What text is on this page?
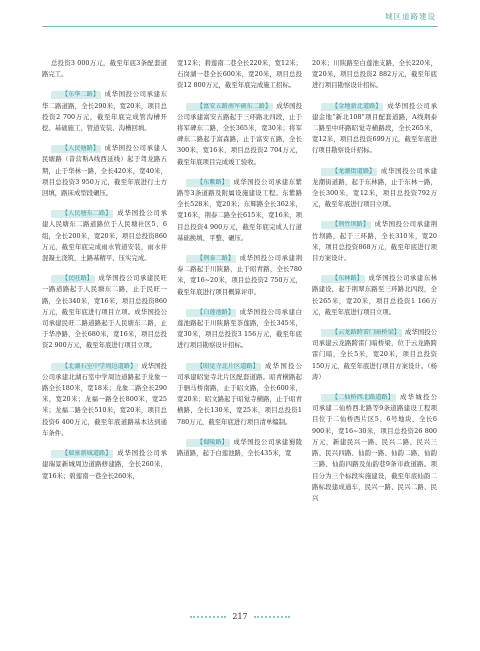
城区道路建设

总投资3 000万元，截至年底3条配套道路完工。

【东华二路】 成华国投公司承建东华二路道路，全长290米，宽20米，项目总投资2 700万元，截至年底完成管沟槽开挖、基础施工、管道安装、沟槽回填。

【人民塘路】 成华国投公司承建人民塘路（昔营斯A线西延线）起于驾龙路五期，止于华林一路，全长420米，宽40米，项目总投资3 950万元，截至年底进行土方回填，路床成型段碾压。

【人民塘东二路】 成华国投公司承建人民塘东二路道路位于人民塘社区5、6组，全长200米，宽20米，项目总投资860万元，截至年底完成雨水管道安装，雨水井混凝土浇筑，土路基精平、压实完成。

【民旺路】 成华国投公司承建民旺一路道路起于人民塘东二路，止于民旺一路，全长340米，宽16米，项目总投资860万元，截至年底进行项目立项。成华国投公司承建民旺二路道路起于人民塘东二路，止于华净路，全长680米，宽16米，项目总投资2 900万元，截至年底进行项目立项。

【北湖石室中学周边道路】 成华国投公司承建北湖石室中学周边道路起于龙象一路全长180米，宽18米；龙象二路全长290米，宽20米；龙福一路全长800米，宽25米；龙福二路全长510米，宽20米，项目总投资6 400万元，截至年底道路基本达到通车条件。

【瑞景新城道路】 成华国投公司承建瑞景新城周边道路修建路，全长260米，宽16米；碧莲南一巷全长260米，

宽12米；碧莲南二巷全长220米，宽12米；石岗湖一巷全长600米，宽20米，项目总投资12 800万元，截至年底完成施工招标。

【富安五路南军硕东二路】 成华国投公司承建富安五路起于三环路北四段，止于将军碑东二路，全长365米，宽30米；将军碑东二路起于富森路，止于富安五路，全长300米，宽16米，项目总投资2 704万元，截至年底项目完成竣工验收。

【东紫路】 成华国投公司承建东紫路等3条道路及附属设施建设工程。东紫路全长528米，宽20米；东辉路全长362米，宽16米，荆泰二路全长615米，宽16米，项目总投资4 900万元，截至年底完成人行道基础换填、平整、碾压。

【荆泰二路】 成华国投公司承建荆泰二路起于川陕路，止于昭青路，全长780米，宽16~20米，项目总投资2 750万元，截至年底进行项目概算评审。

【白莲池路】 成华国投公司承建白莲池路起于川陕路至茶莲路，全长345米，宽30米，项目总投资3 156万元，截至年底进行项目勘察设计招标。

【昭觉寺北片区道路】 成华国投公司承建昭觉寺北片区配套道路。昭青横路起于驷马桥南路，止于昭文路，全长600米，宽20米；昭文路起于昭觉寺横路，止于昭青横路，全长130米，宽25米，项目总投资1 780万元，截至年底进行项目清单编制。

【蜀陵路】 成华国投公司承建蜀陵路道路，起于白莲池路，全长435米，宽

20米；川陕路至白莲池支路，全长220米，宽20米，项目总投资2 882万元，截至年底进行项目勘察设计招标。

【金地新北道路】 成华国投公司承建金地“新北108”项目配套道路，A线荆泰二路至中环路昭觉寺横路段，全长265米，宽12米，项目总投资699万元，截至年底进行项目勘察设计招标。

【龙潮街道路】 成华国投公司承建龙潮街道路，起于东林路，止于东林一路，全长300米，宽12米，项目总投资792万元，截至年底进行项目立项。

【荆竹坝路】 成华国投公司承建荆竹坝路，起于三环路，全长310米，宽20米，项目总投资868万元，截至年底进行项目方案设计。

【东林路】 成华国投公司承建东林路建设，起于荆翠东路至三环路北四段，全长265米，宽20米，项目总投资1 166万元，截至年底进行项目立项。

【云龙路跨雷门暗桥梁】 成华国投公司承建云龙路跨雷门暗桥梁，位于云龙路跨雷门暗，全长5米，宽20米，项目总投资150万元，截至年底进行项目方案设计。（杨　涛）

【二仙桥西北路道路】 成华城投公司承建二仙桥西北路等9条道路建设工程项目位于二仙桥西片区5、6号地块，全长6 900米，宽16~30米，项目总投资26 800万元，新建民兴一路、民兴二路、民兴三路、民兴四路、仙韵一路、仙韵二路、仙韵三路、仙韵四路及仙韵巷9条市政道路。项目分为三个标段实施建设，截至年底仙韵二路标段建成通车，民兴一路、民兴二路、民兴

217
